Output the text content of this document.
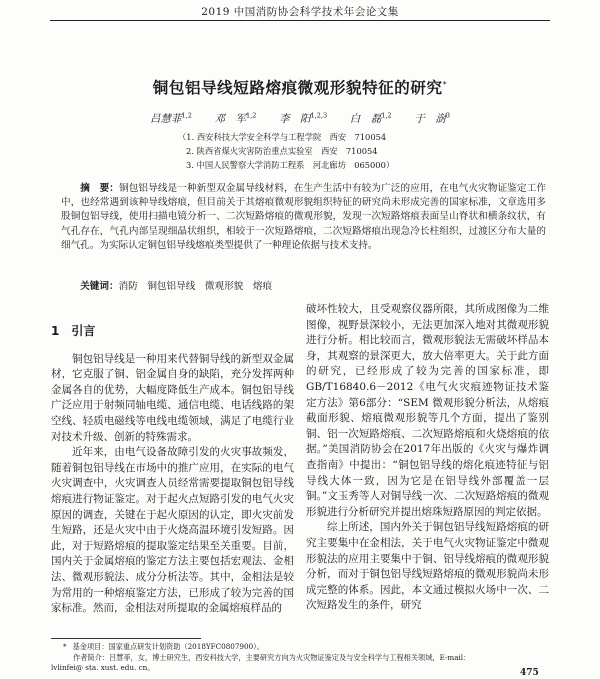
2019 中国消防协会科学技术年会论文集
铜包铝导线短路熔痕微观形貌特征的研究*
吕慧菲$^{1,2}$ 邓　军$^{1,2}$ 李　阳$^{1,2,3}$ 白　磊$^{1,2}$ 于　澍$^3$
（1. 西安科技大学安全科学与工程学院　西安　710054
2. 陕西省煤火灾害防治重点实验室　西安　710054
3. 中国人民警察大学消防工程系　河北廊坊　065000）
摘　要：铜包铝导线是一种新型双金属导线材料，在生产生活中有较为广泛的应用，在电气火灾物证鉴定工作中，也经常遇到该种导线熔痕，但目前关于其熔痕微观形貌组织特征的研究尚未形成完善的国家标准，文章选用多股铜包铝导线，使用扫描电镜分析一、二次短路熔痕的微观形貌，发现一次短路熔痕表面呈山脊状和横条纹状，有气孔存在，气孔内部呈现细晶状组织，相较于一次短路熔痕，二次短路熔痕出现急冷长柱组织，过渡区分布大量的细气孔。为实际认定铜包铝导线熔痕类型提供了一种理论依据与技术支持。
关键词：消防　铜包铝导线　微观形貌　熔痕
1 引言

铜包铝导线是一种用来代替铜导线的新型双金属材，它克服了铜、铝金属自身的缺陷，充分发挥两种金属各自的优势，大幅度降低生产成本。铜包铝导线广泛应用于射频同轴电缆、通信电缆、电话线路的架空线、轻质电磁线等电线电缆领域，满足了电缆行业对技术升级、创新的特殊需求。

近年来，由电气设备故障引发的火灾事故频发，随着铜包铝导线在市场中的推广应用，在实际的电气火灾调查中，火灾调查人员经常需要提取铜包铝导线熔痕进行物证鉴定。对于起火点短路引发的电气火灾原因的调查，关键在于起火原因的认定，即火灾前发生短路，还是火灾中由于火烧高温环境引发短路。因此，对于短路熔痕的提取鉴定结果至关重要。目前，国内关于金属熔痕的鉴定方法主要包括宏观法、金相法、微观形貌法、成分分析法等。其中，金相法是较为常用的一种熔痕鉴定方法，已形成了较为完善的国家标准。然而，金相法对所提取的金属熔痕样品的

破坏性较大，且受观察仪器所限，其所成图像为二维图像，视野景深较小，无法更加深入地对其微观形貌进行分析。相比较而言，微观形貌法无需破坏样品本身，其观察的景深更大，放大倍率更大。关于此方面的研究，已经形成了较为完善的国家标准，即 GB/T16840.6－2012《电气火灾痕迹物证技术鉴定方法》第6部分：“SEM 微观形貌分析法，从熔痕截面形貌、熔痕微观形貌等几个方面，提出了鉴别铜、铝一次短路熔痕、二次短路熔痕和火烧熔痕的依据。”美国消防协会在2017年出版的《火灾与爆炸调查指南》中提出：“铜包铝导线的熔化痕迹特征与铝导线大体一致，因为它是在铝导线外部覆盖一层铜。”文玉秀等人对铜导线一次、二次短路熔痕的微观形貌进行分析研究并提出熔珠短路原因的判定依据。

综上所述，国内外关于铜包铝导线短路熔痕的研究主要集中在金相法，关于电气火灾物证鉴定中微观形貌法的应用主要集中于铜、铝导线熔痕的微观形貌分析，而对于铜包铝导线短路熔痕的微观形貌尚未形成完整的体系。因此，本文通过模拟火场中一次、二次短路发生的条件，研究

* 基金项目：国家重点研发计划资助（2018YFC0807900）。
作者简介：吕慧菲，女，博士研究生，西安科技大学，主要研究方向为火灾物证鉴定及与安全科学与工程相关领域，E-mail：
lvlinfei@ sta. xust. edu. cn。
475
